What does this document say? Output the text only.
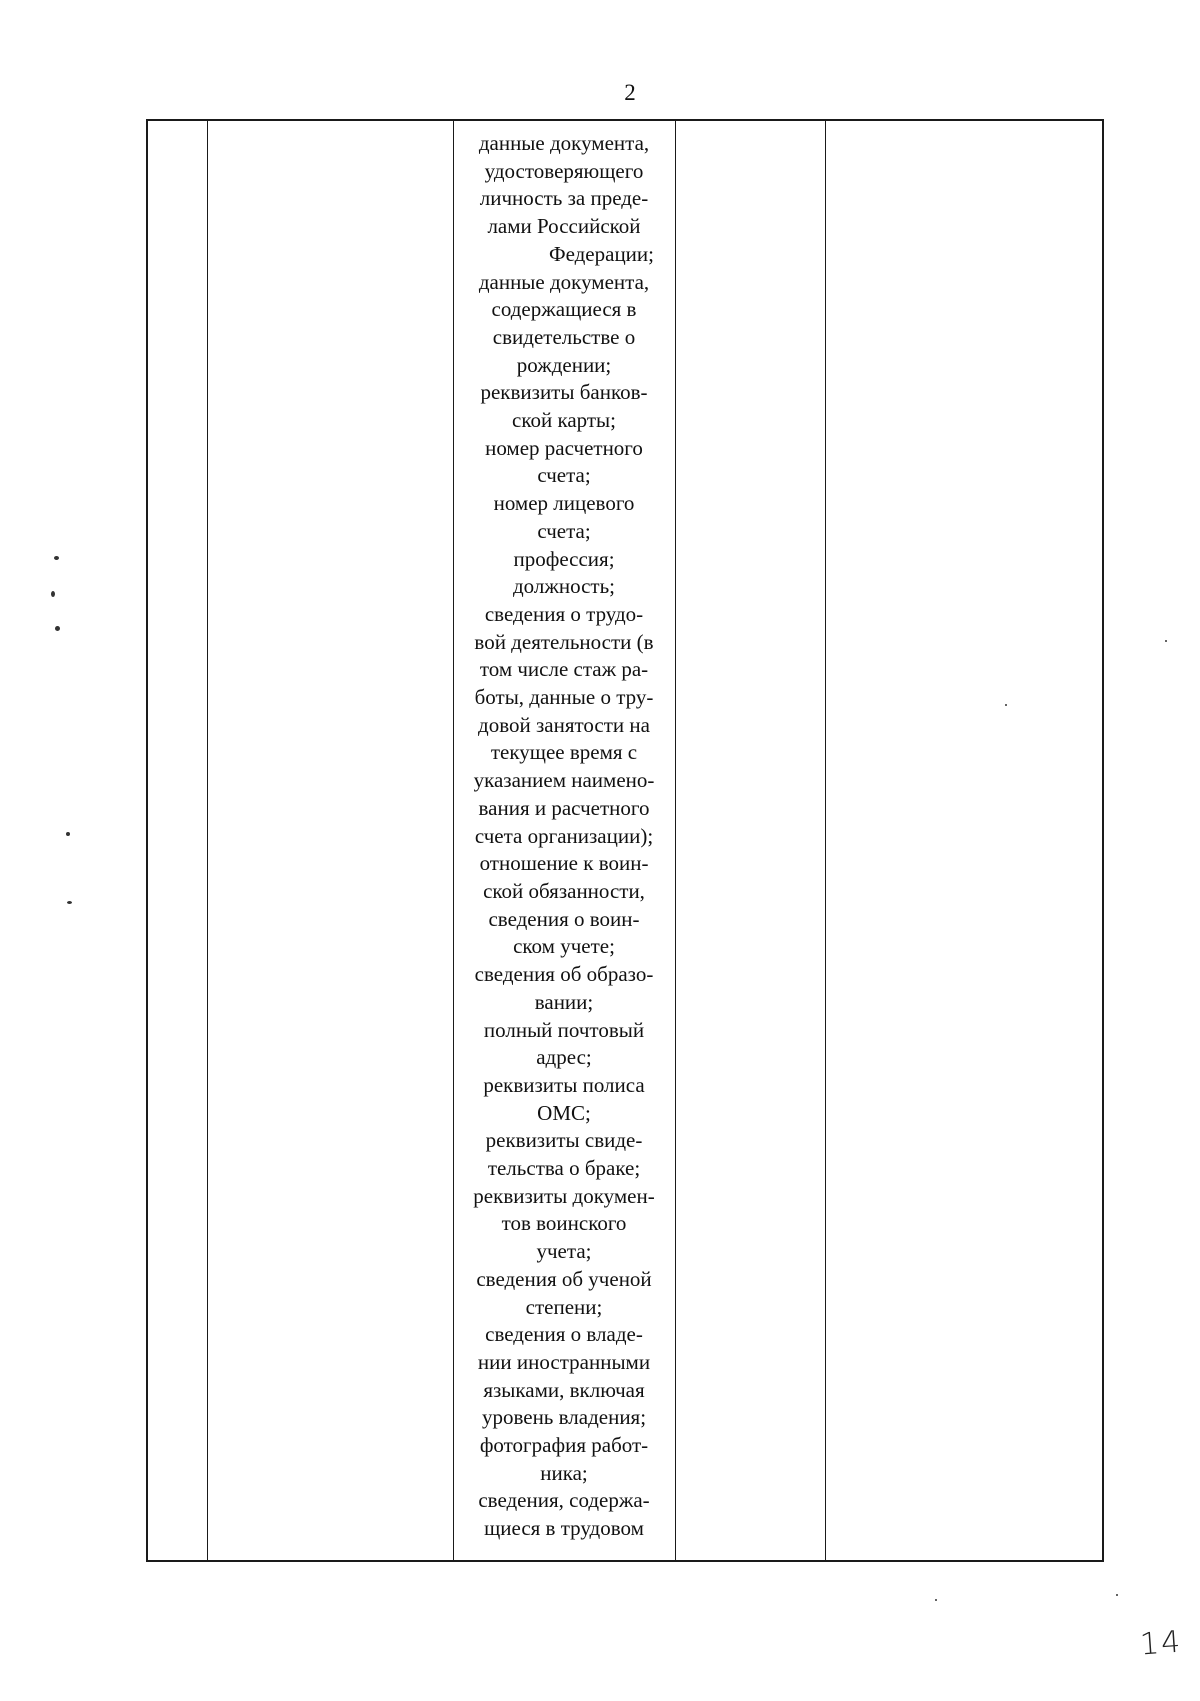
2
данные документа,
удостоверяющего
личность за преде-
лами Российской
Федерации;
данные документа,
содержащиеся в
свидетельстве о
рождении;
реквизиты банков-
ской карты;
номер расчетного
счета;
номер лицевого
счета;
профессия;
должность;
сведения о трудо-
вой деятельности (в
том числе стаж ра-
боты, данные о тру-
довой занятости на
текущее время с
указанием наимено-
вания и расчетного
счета организации);
отношение к воин-
ской обязанности,
сведения о воин-
ском учете;
сведения об образо-
вании;
полный почтовый
адрес;
реквизиты полиса
ОМС;
реквизиты свиде-
тельства о браке;
реквизиты докумен-
тов воинского
учета;
сведения об ученой
степени;
сведения о владе-
нии иностранными
языками, включая
уровень владения;
фотография работ-
ника;
сведения, содержа-
щиеся в трудовом
14
